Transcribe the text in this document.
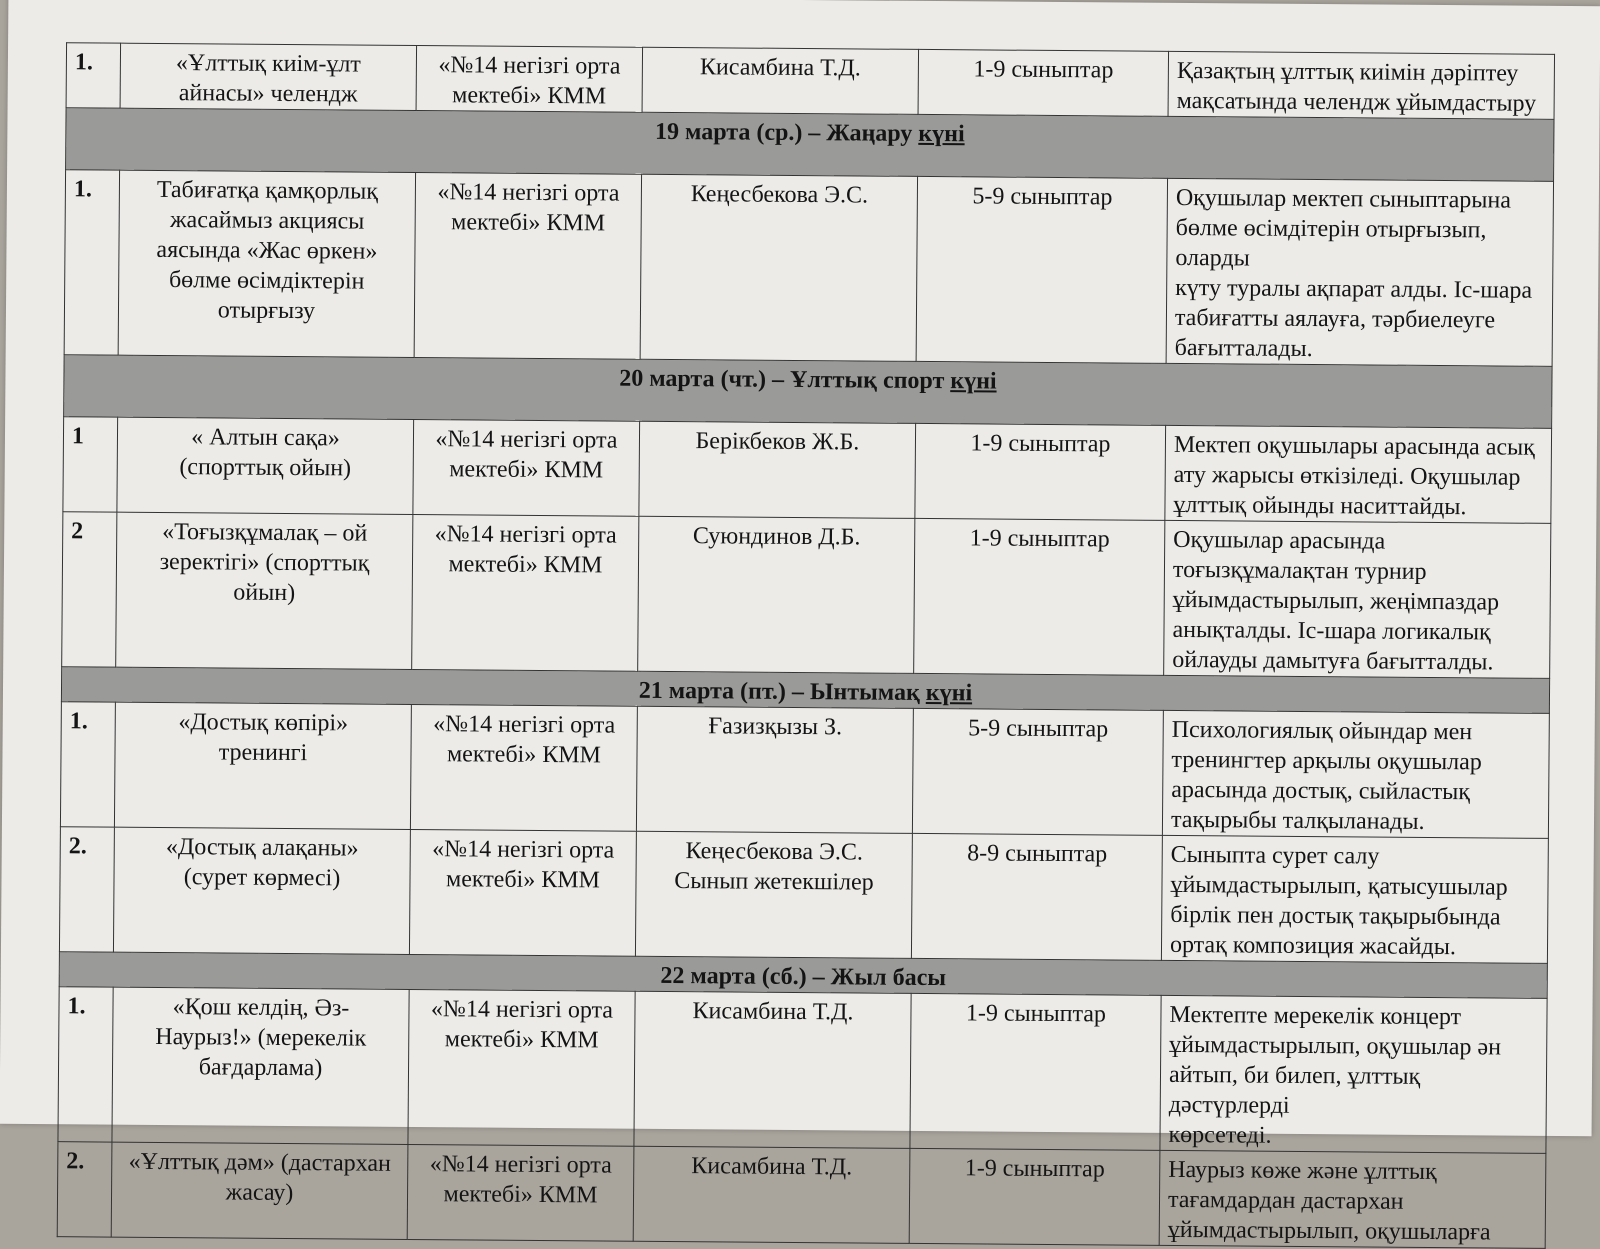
1.	«Ұлттық киім-ұлт
айнасы» челендж	«№14 негізгі орта
мектебі» КММ	Кисамбина Т.Д.	1-9 сыныптар	Қазақтың ұлттық киімін дәріптеу
мақсатында челендж ұйымдастыру

19 марта (ср.) – Жаңару күні					
1.	Табиғатқа қамқорлық
жасаймыз акциясы
аясында «Жас өркен»
бөлме өсімдіктерін
отырғызу	«№14 негізгі орта
мектебі» КММ	Кеңесбекова Э.С.	5-9 сыныптар	Оқушылар мектеп сыныптарына
бөлме өсімдітерін отырғызып, оларды
күту туралы ақпарат алды. Іс-шара
табиғатты аялауға, тәрбиелеуге
бағытталады.

20 марта (чт.) – Ұлттық спорт күні					
1	« Алтын сақа»
(спорттық ойын)	«№14 негізгі орта
мектебі» КММ	Берікбеков Ж.Б.	1-9 сыныптар	Мектеп оқушылары арасында асық
ату жарысы өткізіледі. Оқушылар
ұлттық ойынды наситтайды.

2	«Тоғызқұмалақ – ой
зеректігі» (спорттық
ойын)	«№14 негізгі орта
мектебі» КММ	Суюндинов Д.Б.	1-9 сыныптар	Оқушылар арасында
тоғызқұмалақтан турнир
ұйымдастырылып, жеңімпаздар
анықталды. Іс-шара логикалық
ойлауды дамытуға бағытталды.

21 марта (пт.) – Ынтымақ күні					
1.	«Достық көпірі»
тренингі	«№14 негізгі орта
мектебі» КММ	Ғазизқызы З.	5-9 сыныптар	Психологиялық ойындар мен
тренингтер арқылы оқушылар
арасында достық, сыйластық
тақырыбы талқыланады.

2.	«Достық алақаны»
(сурет көрмесі)	«№14 негізгі орта
мектебі» КММ	Кеңесбекова Э.С.
Сынып жетекшілер	8-9 сыныптар	Сыныпта сурет салу
ұйымдастырылып, қатысушылар
бірлік пен достық тақырыбында
ортақ композиция жасайды.

22 марта (сб.) – Жыл басы					
1.	«Қош келдің, Әз-
Наурыз!» (мерекелік
бағдарлама)	«№14 негізгі орта
мектебі» КММ	Кисамбина Т.Д.	1-9 сыныптар	Мектепте мерекелік концерт
ұйымдастырылып, оқушылар ән
айтып, би билеп, ұлттық дәстүрлерді
көрсетеді.

2.	«Ұлттық дәм» (дастархан
жасау)	«№14 негізгі орта
мектебі» КММ	Кисамбина Т.Д.	1-9 сыныптар	Наурыз көже және ұлттық
тағамдардан дастархан
ұйымдастырылып, оқушыларға
